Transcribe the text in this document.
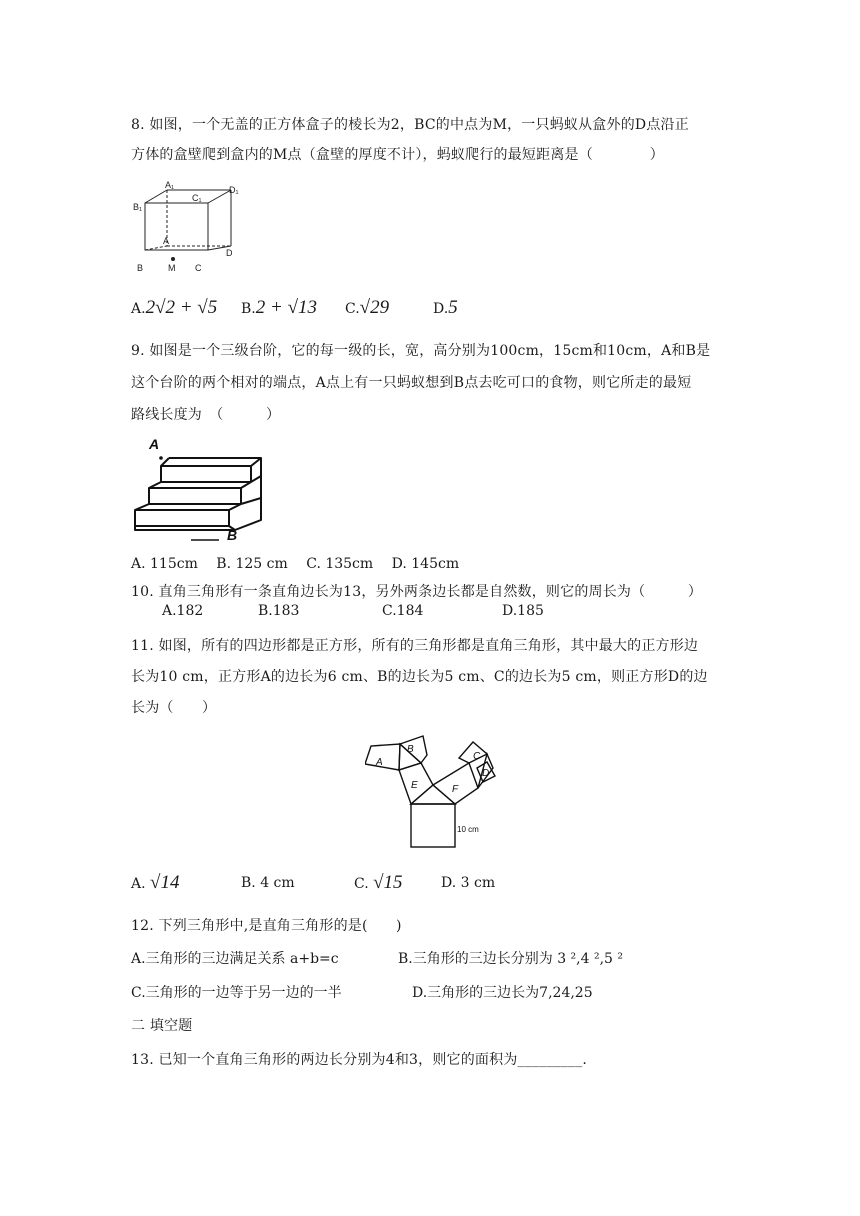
8. 如图，一个无盖的正方体盒子的棱长为2，BC的中点为M，一只蚂蚁从盒外的D点沿正
方体的盒壁爬到盒内的M点（盒壁的厚度不计），蚂蚁爬行的最短距离是（　　　　）
A₁
B₁
C₁
D₁
A
B	M C
D
A.2√2 + √5 B.2 + √13 C.√29	D.5
9. 如图是一个三级台阶，它的每一级的长，宽，高分别为100cm，15cm和10cm，A和B是
这个台阶的两个相对的端点，A点上有一只蚂蚁想到B点去吃可口的食物，则它所走的最短
路线长度为　（　　　）
A
B
A. 115cm　 B. 125 cm　 C. 135cm　 D. 145cm
10. 直角三角形有一条直角边长为13，另外两条边长都是自然数，则它的周长为（　　　）
A.182	B.183	C.184	D.185
11. 如图，所有的四边形都是正方形，所有的三角形都是直角三角形，其中最大的正方形边
长为10 cm，正方形A的边长为6 cm、B的边长为5 cm、C的边长为5 cm，则正方形D的边
长为（　　）
A
B
C
D
E	F
10 cm
A. √14	B. 4 cm	C. √15	D. 3 cm
12. 下列三角形中,是直角三角形的是(　　)
A.三角形的三边满足关系 a+b=c	B.三角形的三边长分别为 3 ²,4 ²,5 ²
C.三角形的一边等于另一边的一半	D.三角形的三边长为7,24,25
二 填空题
13. 已知一个直角三角形的两边长分别为4和3，则它的面积为_________.
